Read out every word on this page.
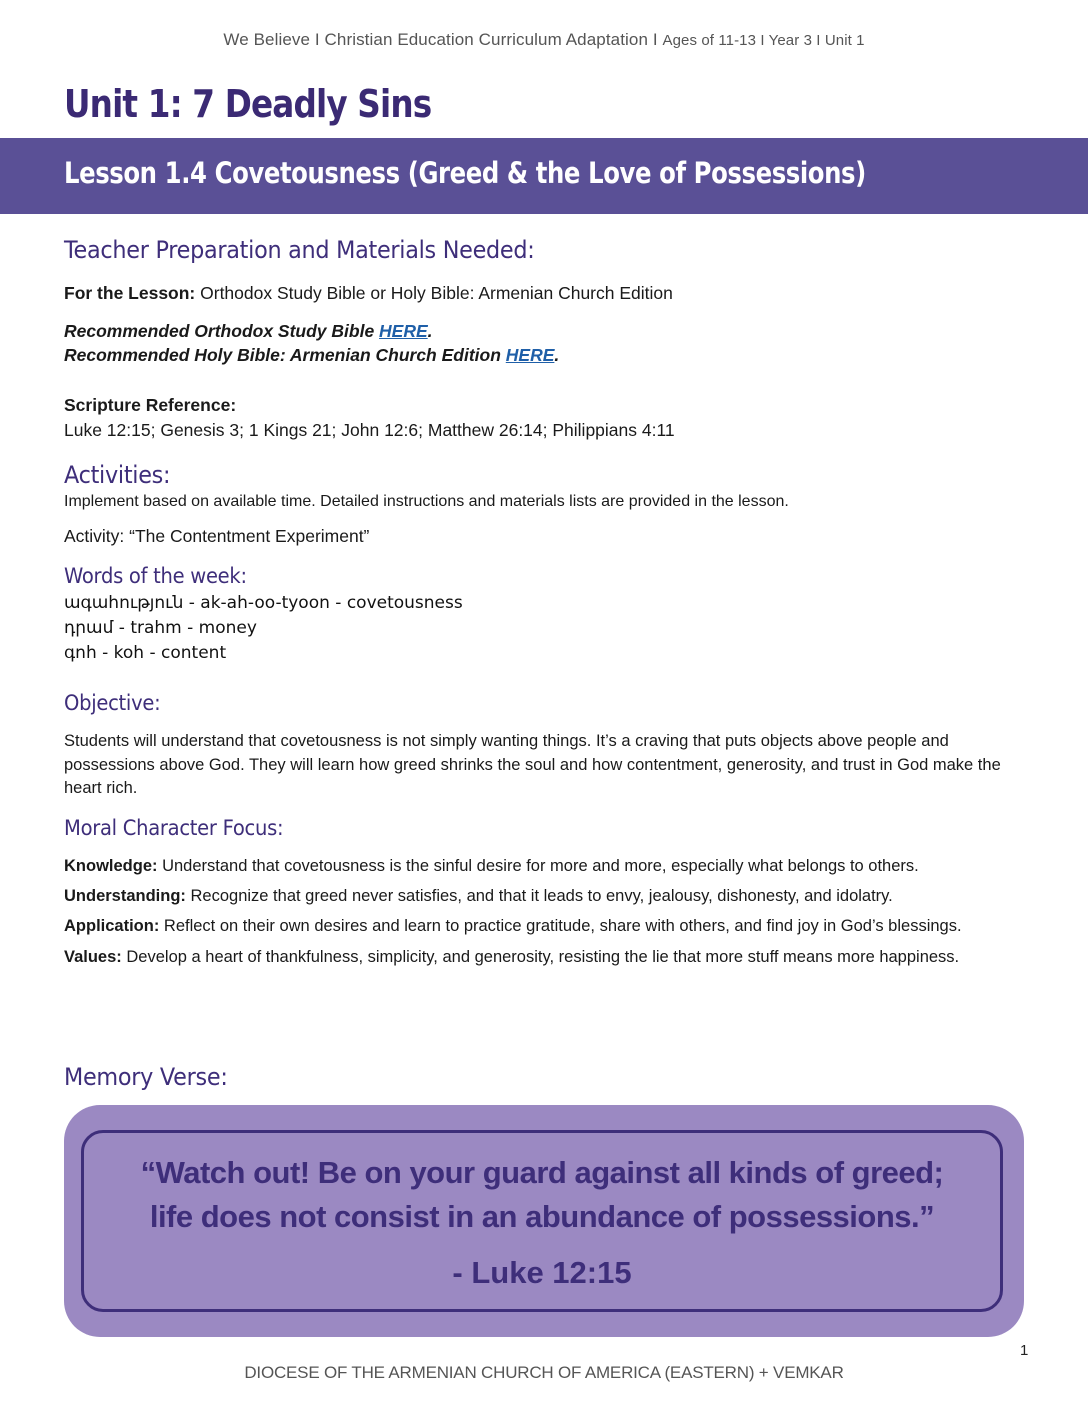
We Believe I Christian Education Curriculum Adaptation I Ages of 11-13 I Year 3 I Unit 1
Unit 1: 7 Deadly Sins
Lesson 1.4 Covetousness (Greed & the Love of Possessions)
Teacher Preparation and Materials Needed:
For the Lesson: Orthodox Study Bible or Holy Bible: Armenian Church Edition
Recommended Orthodox Study Bible HERE.
Recommended Holy Bible: Armenian Church Edition HERE.
Scripture Reference:
Luke 12:15; Genesis 3; 1 Kings 21; John 12:6; Matthew 26:14; Philippians 4:11
Activities:
Implement based on available time. Detailed instructions and materials lists are provided in the lesson.
Activity: “The Contentment Experiment”
Words of the week:
ագահություն - ak-ah-oo-tyoon - covetousness
դրամ - trahm - money
գոհ - koh - content
Objective:
Students will understand that covetousness is not simply wanting things. It’s a craving that puts objects above people and possessions above God. They will learn how greed shrinks the soul and how contentment, generosity, and trust in God make the heart rich.
Moral Character Focus:
Knowledge: Understand that covetousness is the sinful desire for more and more, especially what belongs to others.
Understanding: Recognize that greed never satisfies, and that it leads to envy, jealousy, dishonesty, and idolatry.
Application: Reflect on their own desires and learn to practice gratitude, share with others, and find joy in God’s blessings.
Values: Develop a heart of thankfulness, simplicity, and generosity, resisting the lie that more stuff means more happiness.
Memory Verse:
“Watch out! Be on your guard against all kinds of greed;
life does not consist in an abundance of possessions.”
- Luke 12:15
1
DIOCESE OF THE ARMENIAN CHURCH OF AMERICA (EASTERN) + VEMKAR
